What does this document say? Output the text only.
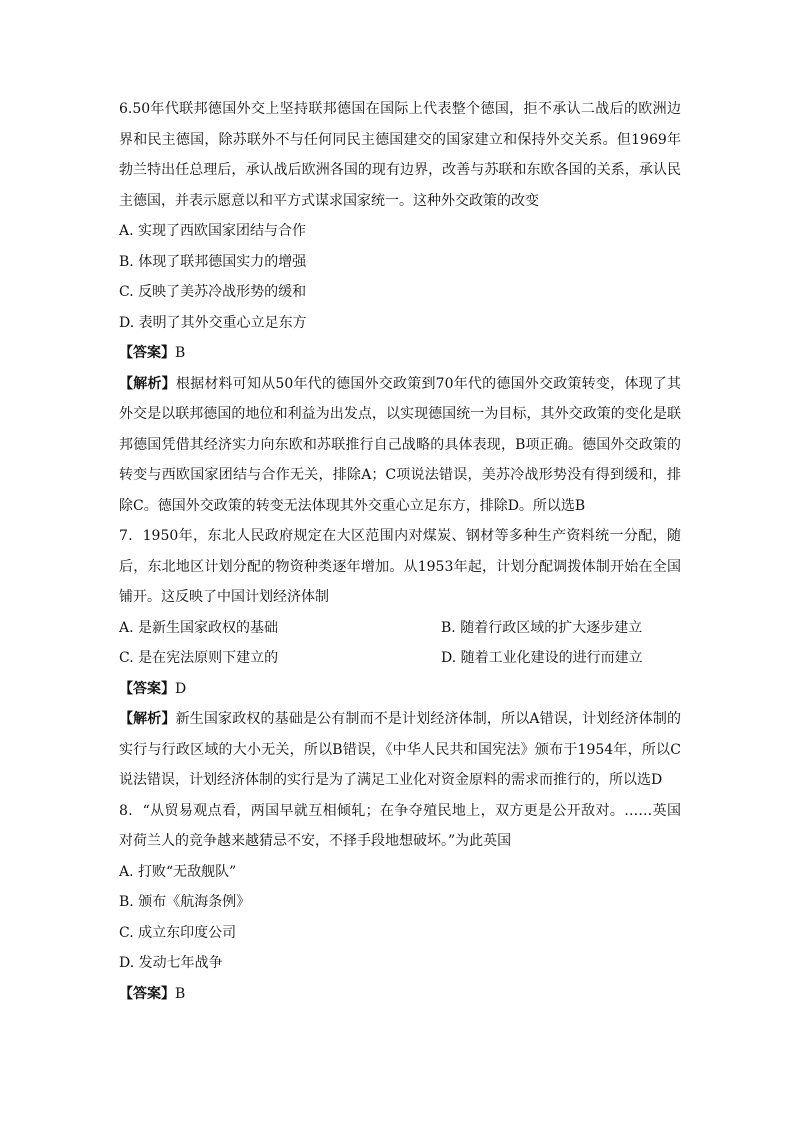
6.50年代联邦德国外交上坚持联邦德国在国际上代表整个德国，拒不承认二战后的欧洲边界和民主德国，除苏联外不与任何同民主德国建交的国家建立和保持外交关系。但1969年勃兰特出任总理后，承认战后欧洲各国的现有边界，改善与苏联和东欧各国的关系，承认民主德国，并表示愿意以和平方式谋求国家统一。这种外交政策的改变

A. 实现了西欧国家团结与合作

B. 体现了联邦德国实力的增强

C. 反映了美苏冷战形势的缓和

D. 表明了其外交重心立足东方

【答案】B

【解析】根据材料可知从50年代的德国外交政策到70年代的德国外交政策转变，体现了其外交是以联邦德国的地位和利益为出发点，以实现德国统一为目标，其外交政策的变化是联邦德国凭借其经济实力向东欧和苏联推行自己战略的具体表现，B项正确。德国外交政策的转变与西欧国家团结与合作无关，排除A；C项说法错误，美苏冷战形势没有得到缓和，排除C。德国外交政策的转变无法体现其外交重心立足东方，排除D。所以选B

7．1950年，东北人民政府规定在大区范围内对煤炭、钢材等多种生产资料统一分配，随后，东北地区计划分配的物资种类逐年增加。从1953年起，计划分配调拨体制开始在全国铺开。这反映了中国计划经济体制

A. 是新生国家政权的基础	B. 随着行政区域的扩大逐步建立
C. 是在宪法原则下建立的	D. 随着工业化建设的进行而建立

【答案】D

【解析】新生国家政权的基础是公有制而不是计划经济体制，所以A错误，计划经济体制的实行与行政区域的大小无关，所以B错误，《中华人民共和国宪法》颁布于1954年，所以C说法错误，计划经济体制的实行是为了满足工业化对资金原料的需求而推行的，所以选D

8．“从贸易观点看，两国早就互相倾轧；在争夺殖民地上，双方更是公开敌对。……英国对荷兰人的竞争越来越猜忌不安，不择手段地想破坏。”为此英国

A. 打败“无敌舰队”

B. 颁布《航海条例》

C. 成立东印度公司

D. 发动七年战争

【答案】B
